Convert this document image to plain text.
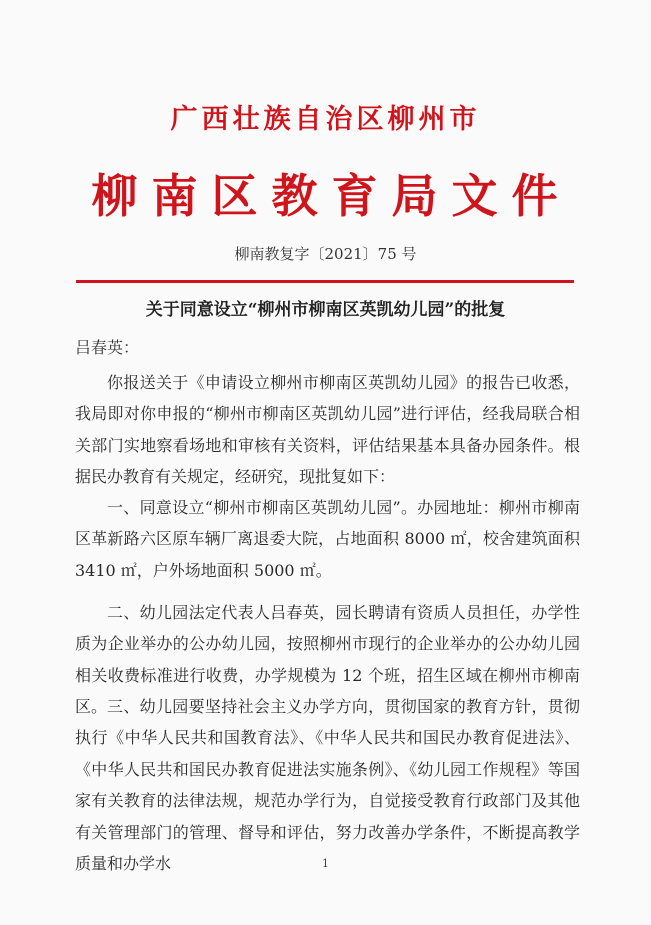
广西壮族自治区柳州市
柳南区教育局文件
柳南教复字〔2021〕75 号
关于同意设立“柳州市柳南区英凯幼儿园”的批复
吕春英：

你报送关于《申请设立柳州市柳南区英凯幼儿园》的报告已收悉，我局即对你申报的“柳州市柳南区英凯幼儿园”进行评估，经我局联合相关部门实地察看场地和审核有关资料，评估结果基本具备办园条件。根据民办教育有关规定，经研究，现批复如下：

一、同意设立“柳州市柳南区英凯幼儿园”。办园地址：柳州市柳南区革新路六区原车辆厂离退委大院，占地面积 8000 ㎡，校舍建筑面积 3410 ㎡，户外场地面积 5000 ㎡。

二、幼儿园法定代表人吕春英，园长聘请有资质人员担任，办学性质为企业举办的公办幼儿园，按照柳州市现行的企业举办的公办幼儿园相关收费标准进行收费，办学规模为 12 个班，招生区域在柳州市柳南区。 三、幼儿园要坚持社会主义办学方向，贯彻国家的教育方针，贯彻执行《中华人民共和国教育法》、《中华人民共和国民办教育促进法》、《中华人民共和国民办教育促进法实施条例》、《幼儿园工作规程》等国家有关教育的法律法规，规范办学行为，自觉接受教育行政部门及其他有关管理部门的管理、督导和评估，努力改善办学条件，不断提高教学质量和办学水	1
